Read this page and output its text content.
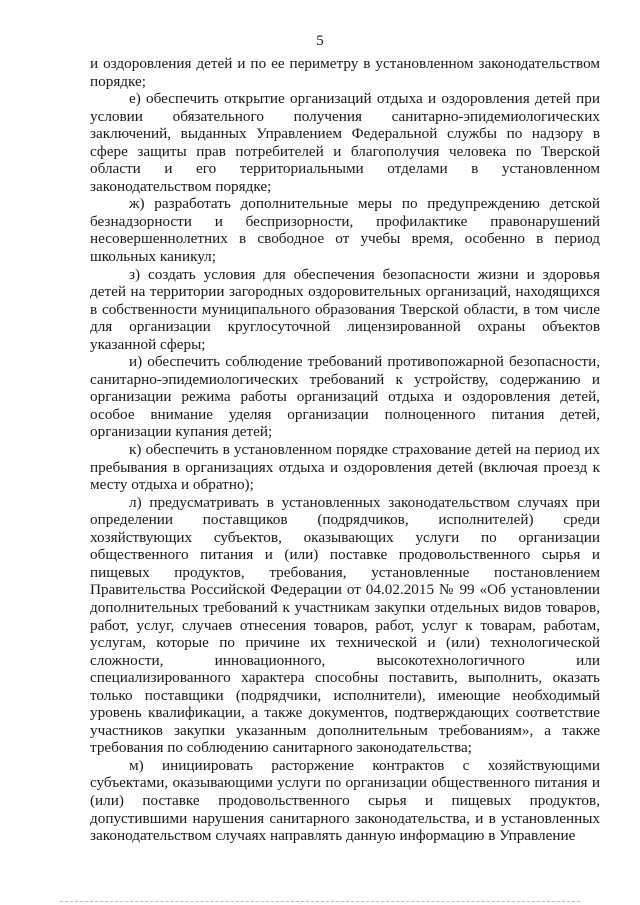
5

и оздоровления детей и по ее периметру в установленном законодательством порядке;

е) обеспечить открытие организаций отдыха и оздоровления детей при условии обязательного получения санитарно-эпидемиологических заключений, выданных Управлением Федеральной службы по надзору в сфере защиты прав потребителей и благополучия человека по Тверской области и его территориальными отделами в установленном законодательством порядке;

ж) разработать дополнительные меры по предупреждению детской безнадзорности и беспризорности, профилактике правонарушений несовершеннолетних в свободное от учебы время, особенно в период школьных каникул;

з) создать условия для обеспечения безопасности жизни и здоровья детей на территории загородных оздоровительных организаций, находящихся в собственности муниципального образования Тверской области, в том числе для организации круглосуточной лицензированной охраны объектов указанной сферы;

и) обеспечить соблюдение требований противопожарной безопасности, санитарно-эпидемиологических требований к устройству, содержанию и организации режима работы организаций отдыха и оздоровления детей, особое внимание уделяя организации полноценного питания детей, организации купания детей;

к) обеспечить в установленном порядке страхование детей на период их пребывания в организациях отдыха и оздоровления детей (включая проезд к месту отдыха и обратно);

л) предусматривать в установленных законодательством случаях при определении поставщиков (подрядчиков, исполнителей) среди хозяйствующих субъектов, оказывающих услуги по организации общественного питания и (или) поставке продовольственного сырья и пищевых продуктов, требования, установленные постановлением Правительства Российской Федерации от 04.02.2015 № 99 «Об установлении дополнительных требований к участникам закупки отдельных видов товаров, работ, услуг, случаев отнесения товаров, работ, услуг к товарам, работам, услугам, которые по причине их технической и (или) технологической сложности, инновационного, высокотехнологичного или специализированного характера способны поставить, выполнить, оказать только поставщики (подрядчики, исполнители), имеющие необходимый уровень квалификации, а также документов, подтверждающих соответствие участников закупки указанным дополнительным требованиям», а также требования по соблюдению санитарного законодательства;

м) инициировать расторжение контрактов с хозяйствующими субъектами, оказывающими услуги по организации общественного питания и (или) поставке продовольственного сырья и пищевых продуктов, допустившими нарушения санитарного законодательства, и в установленных законодательством случаях направлять данную информацию в Управление
